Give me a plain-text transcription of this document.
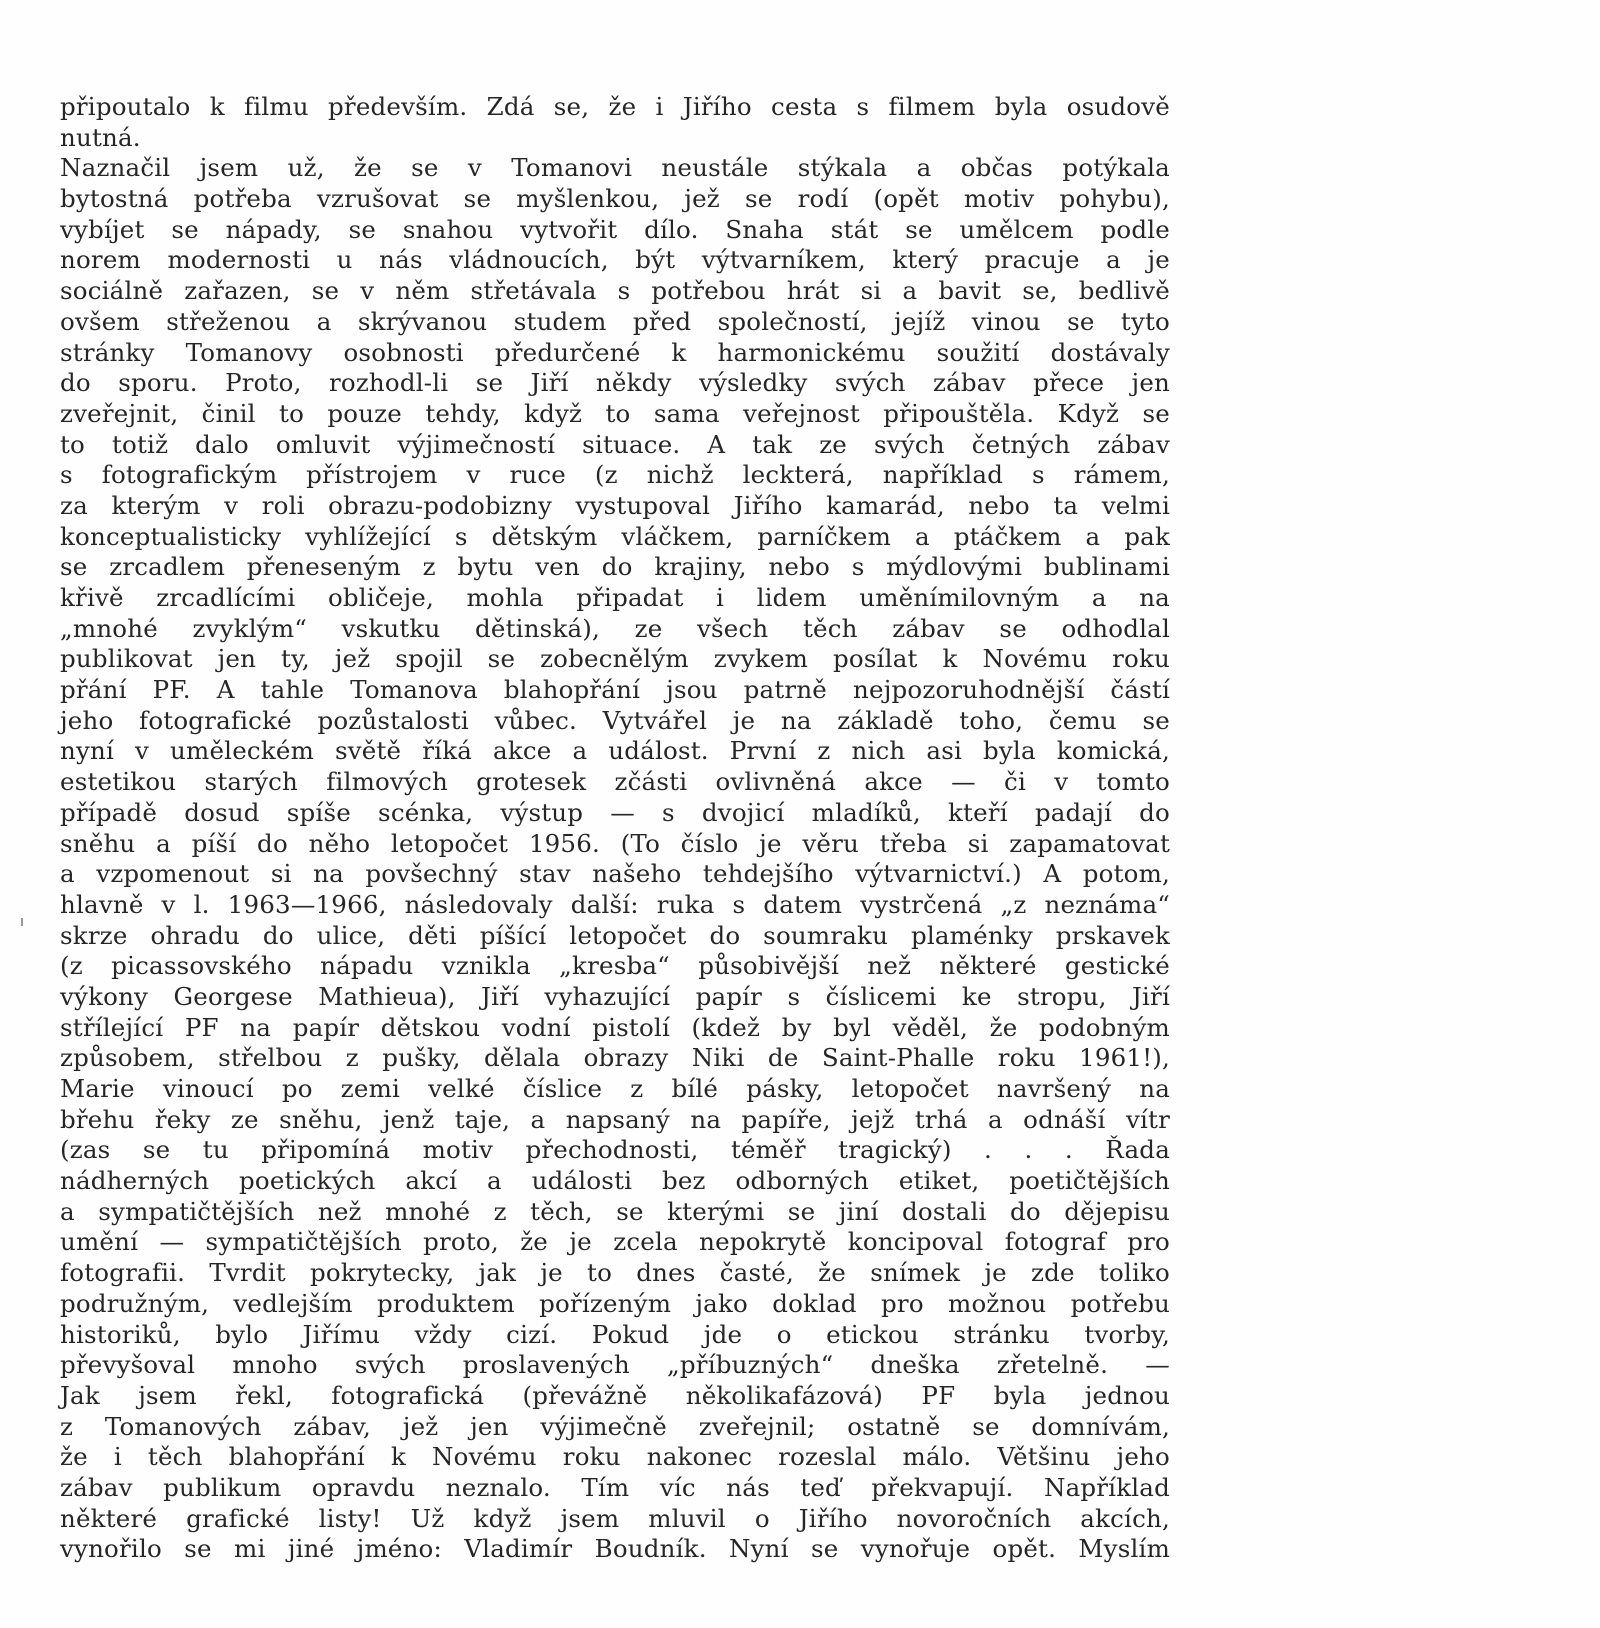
připoutalo k filmu především. Zdá se, že i Jiřího cesta s filmem byla osudově
nutná.
Naznačil jsem už, že se v Tomanovi neustále stýkala a občas potýkala
bytostná potřeba vzrušovat se myšlenkou, jež se rodí (opět motiv pohybu),
vybíjet se nápady, se snahou vytvořit dílo. Snaha stát se umělcem podle
norem modernosti u nás vládnoucích, být výtvarníkem, který pracuje a je
sociálně zařazen, se v něm střetávala s potřebou hrát si a bavit se, bedlivě
ovšem střeženou a skrývanou studem před společností, jejíž vinou se tyto
stránky Tomanovy osobnosti předurčené k harmonickému soužití dostávaly
do sporu. Proto, rozhodl-li se Jiří někdy výsledky svých zábav přece jen
zveřejnit, činil to pouze tehdy, když to sama veřejnost připouštěla. Když se
to totiž dalo omluvit výjimečností situace. A tak ze svých četných zábav
s fotografickým přístrojem v ruce (z nichž leckterá, například s rámem,
za kterým v roli obrazu-podobizny vystupoval Jiřího kamarád, nebo ta velmi
konceptualisticky vyhlížející s dětským vláčkem, parníčkem a ptáčkem a pak
se zrcadlem přeneseným z bytu ven do krajiny, nebo s mýdlovými bublinami
křivě zrcadlícími obličeje, mohla připadat i lidem uměnímilovným a na
„mnohé zvyklým“ vskutku dětinská), ze všech těch zábav se odhodlal
publikovat jen ty, jež spojil se zobecnělým zvykem posílat k Novému roku
přání PF. A tahle Tomanova blahopřání jsou patrně nejpozoruhodnější částí
jeho fotografické pozůstalosti vůbec. Vytvářel je na základě toho, čemu se
nyní v uměleckém světě říká akce a událost. První z nich asi byla komická,
estetikou starých filmových grotesek zčásti ovlivněná akce — či v tomto
případě dosud spíše scénka, výstup — s dvojicí mladíků, kteří padají do
sněhu a píší do něho letopočet 1956. (To číslo je věru třeba si zapamatovat
a vzpomenout si na povšechný stav našeho tehdejšího výtvarnictví.) A potom,
hlavně v l. 1963—1966, následovaly další: ruka s datem vystrčená „z neznáma“
skrze ohradu do ulice, děti píšící letopočet do soumraku plaménky prskavek
(z picassovského nápadu vznikla „kresba“ působivější než některé gestické
výkony Georgese Mathieua), Jiří vyhazující papír s číslicemi ke stropu, Jiří
střílející PF na papír dětskou vodní pistolí (kdež by byl věděl, že podobným
způsobem, střelbou z pušky, dělala obrazy Niki de Saint-Phalle roku 1961!),
Marie vinoucí po zemi velké číslice z bílé pásky, letopočet navršený na
břehu řeky ze sněhu, jenž taje, a napsaný na papíře, jejž trhá a odnáší vítr
(zas se tu připomíná motiv přechodnosti, téměř tragický) . . . Řada
nádherných poetických akcí a události bez odborných etiket, poetičtějších
a sympatičtějších než mnohé z těch, se kterými se jiní dostali do dějepisu
umění — sympatičtějších proto, že je zcela nepokrytě koncipoval fotograf pro
fotografii. Tvrdit pokrytecky, jak je to dnes časté, že snímek je zde toliko
podružným, vedlejším produktem pořízeným jako doklad pro možnou potřebu
historiků, bylo Jiřímu vždy cizí. Pokud jde o etickou stránku tvorby,
převyšoval mnoho svých proslavených „příbuzných“ dneška zřetelně. —
Jak jsem řekl, fotografická (převážně několikafázová) PF byla jednou
z Tomanových zábav, jež jen výjimečně zveřejnil; ostatně se domnívám,
že i těch blahopřání k Novému roku nakonec rozeslal málo. Většinu jeho
zábav publikum opravdu neznalo. Tím víc nás teď překvapují. Například
některé grafické listy! Už když jsem mluvil o Jiřího novoročních akcích,
vynořilo se mi jiné jméno: Vladimír Boudník. Nyní se vynořuje opět. Myslím
